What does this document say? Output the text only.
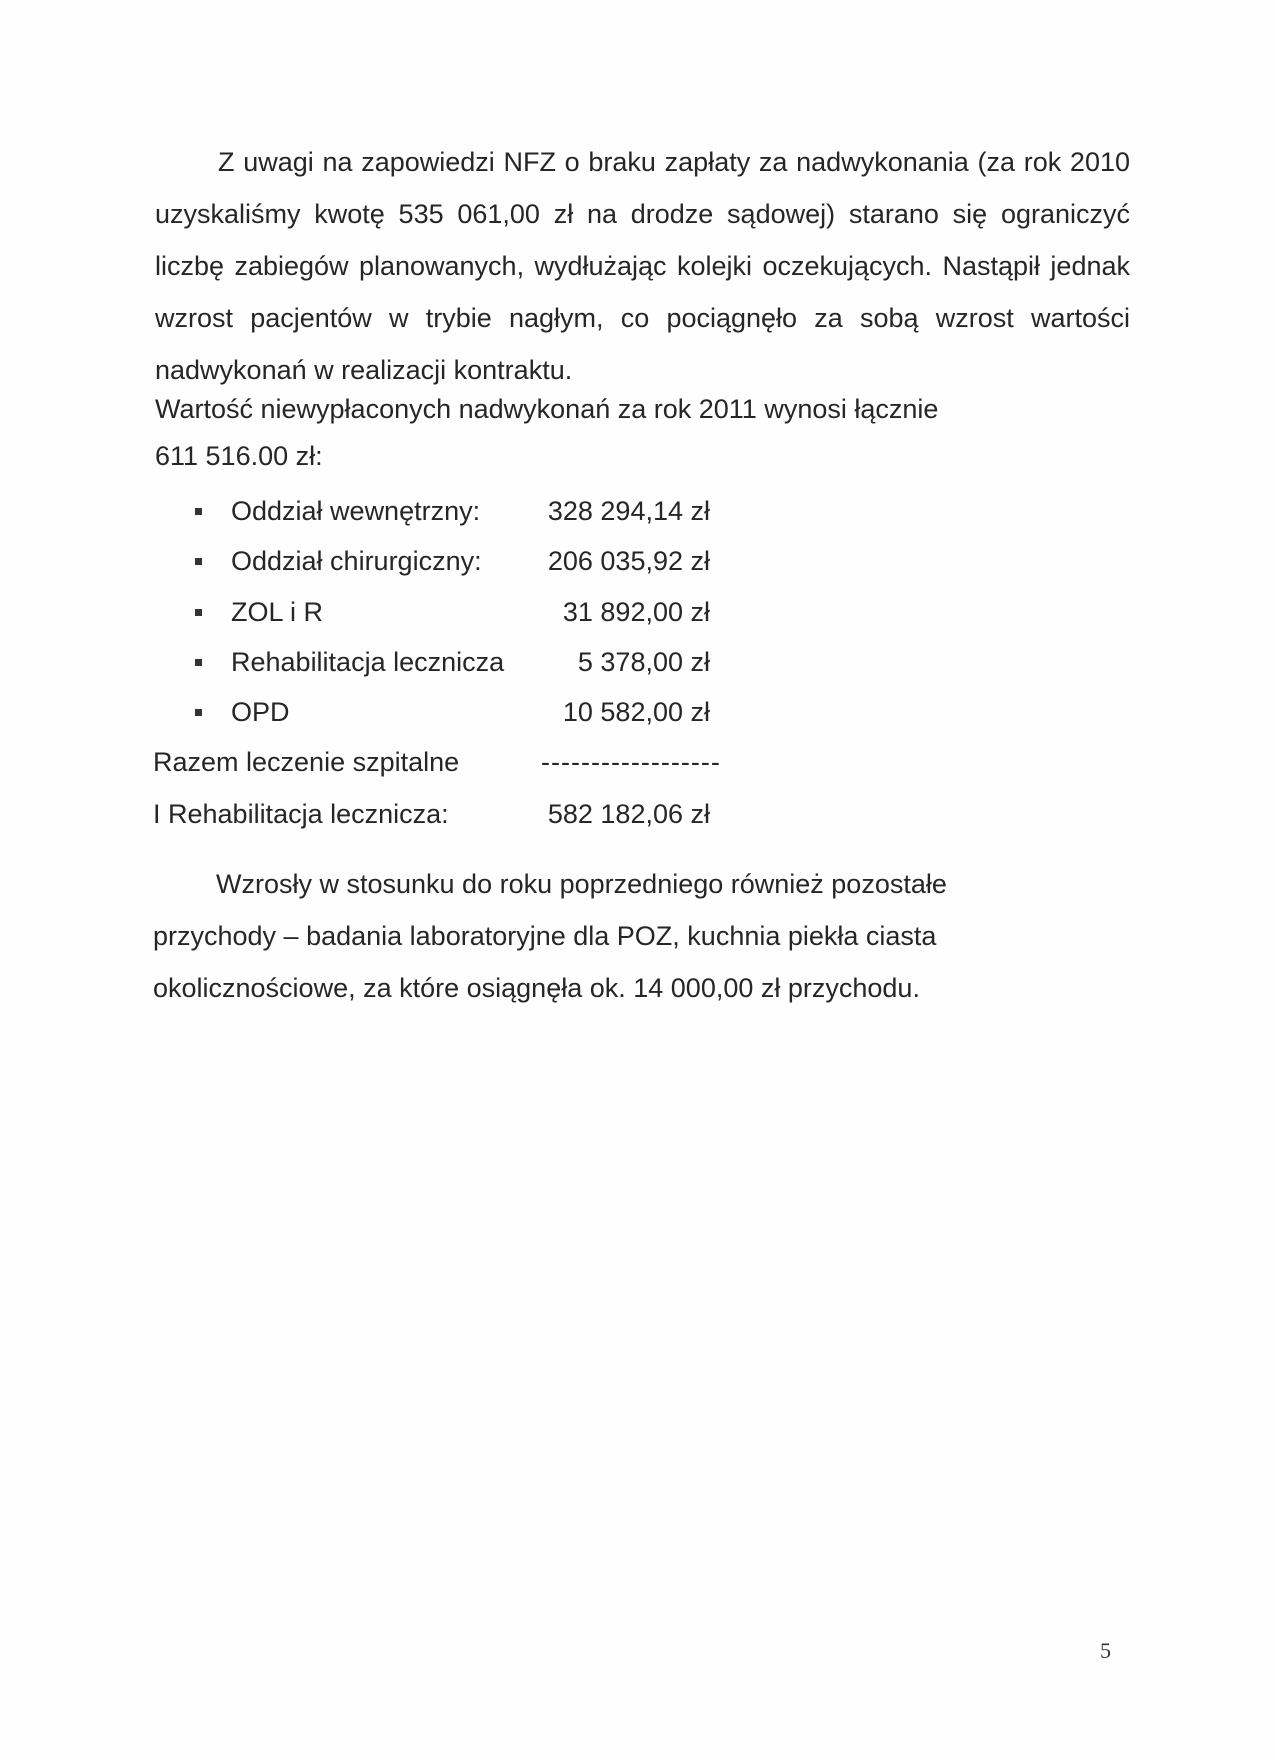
Z uwagi na zapowiedzi NFZ o braku zapłaty za nadwykonania (za rok 2010 uzyskaliśmy kwotę 535 061,00 zł na drodze sądowej) starano się ograniczyć liczbę zabiegów planowanych, wydłużając kolejki oczekujących. Nastąpił jednak wzrost pacjentów w trybie nagłym, co pociągnęło za sobą wzrost wartości nadwykonań w realizacji kontraktu.
Wartość niewypłaconych nadwykonań za rok 2011 wynosi łącznie
611 516.00 zł:
Oddział wewnętrzny:	328 294,14 zł
Oddział chirurgiczny: 206 035,92 zł
ZOL i R	31 892,00 zł
Rehabilitacja lecznicza	5 378,00 zł
OPD	10 582,00 zł
Razem leczenie szpitalne	------------------
I Rehabilitacja lecznicza:	582 182,06 zł
Wzrosły w stosunku do roku poprzedniego również pozostałe przychody – badania laboratoryjne dla POZ, kuchnia piekła ciasta okolicznościowe, za które osiągnęła ok. 14 000,00 zł przychodu.
5
